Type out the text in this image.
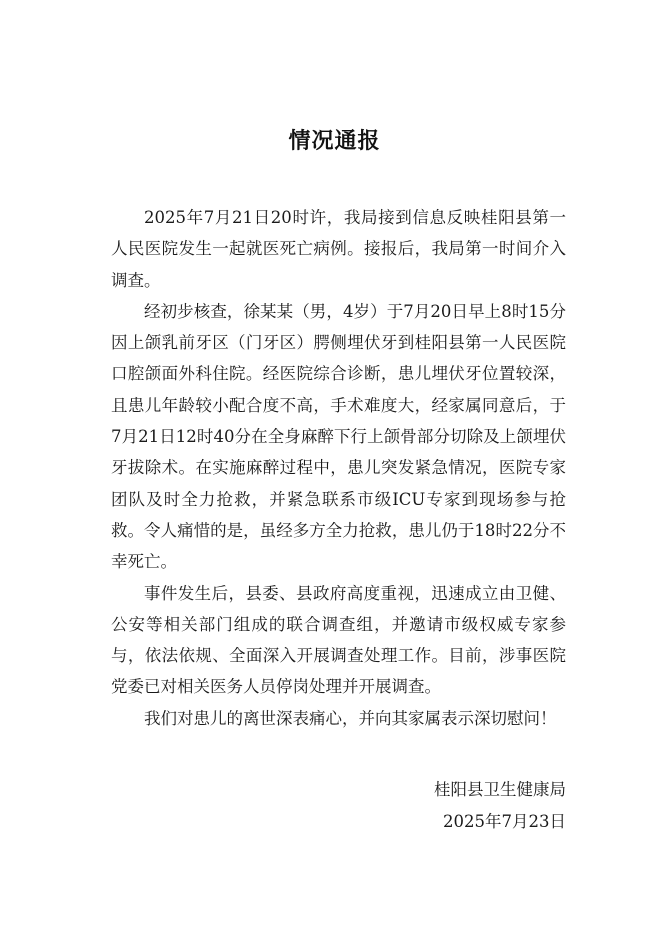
情况通报

2025年7月21日20时许，我局接到信息反映桂阳县第一人民医院发生一起就医死亡病例。接报后，我局第一时间介入调查。

经初步核查，徐某某（男，4岁）于7月20日早上8时15分因上颌乳前牙区（门牙区）腭侧埋伏牙到桂阳县第一人民医院口腔颌面外科住院。经医院综合诊断，患儿埋伏牙位置较深，且患儿年龄较小配合度不高，手术难度大，经家属同意后，于7月21日12时40分在全身麻醉下行上颌骨部分切除及上颌埋伏牙拔除术。在实施麻醉过程中，患儿突发紧急情况，医院专家团队及时全力抢救，并紧急联系市级ICU专家到现场参与抢救。令人痛惜的是，虽经多方全力抢救，患儿仍于18时22分不幸死亡。

事件发生后，县委、县政府高度重视，迅速成立由卫健、公安等相关部门组成的联合调查组，并邀请市级权威专家参与，依法依规、全面深入开展调查处理工作。目前，涉事医院党委已对相关医务人员停岗处理并开展调查。

我们对患儿的离世深表痛心，并向其家属表示深切慰问！

桂阳县卫生健康局
2025年7月23日
